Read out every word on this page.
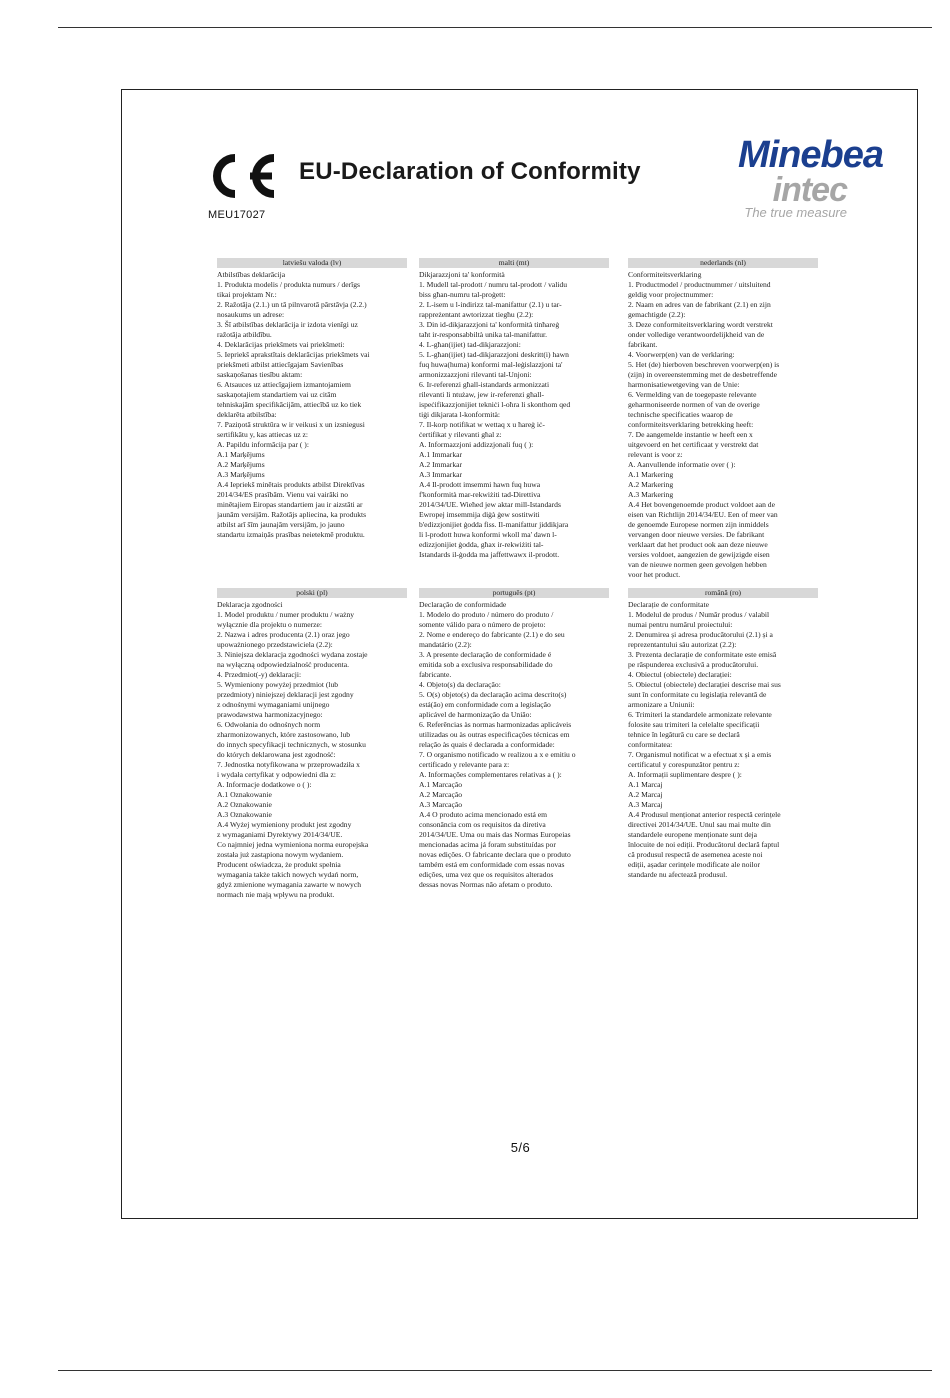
MEU17027
EU-Declaration of Conformity	Minebea
intec
The true measure
latviešu valoda (lv)
Atbilstības deklarācija
1. Produkta modelis / produkta numurs / derīgs
tikai projektam Nr.:
2. Ražotāja (2.1.) un tā pilnvarotā pārstāvja (2.2.)
nosaukums un adrese:
3. Šī atbilstības deklarācija ir izdota vienīgi uz
ražotāja atbildību.
4. Deklarācijas priekšmets vai priekšmeti:
5. Iepriekš aprakstītais deklarācijas priekšmets vai
priekšmeti atbilst attiecīgajam Savienības
saskaņošanas tiesību aktam:
6. Atsauces uz attiecīgajiem izmantojamiem
saskaņotajiem standartiem vai uz citām
tehniskajām specifikācijām, attiecībā uz ko tiek
deklarēta atbilstība:
7. Paziņotā struktūra w ir veikusi x un izsniegusi
sertifikātu y, kas attiecas uz z:
A. Papildu informācija par ( ):
A.1 Marķējums
A.2 Marķējums
A.3 Marķējums
A.4 Iepriekš minētais produkts atbilst Direktīvas
2014/34/ES prasībām. Vienu vai vairāki no
minētajiem Eiropas standartiem jau ir aizstāti ar
jaunām versijām. Ražotājs apliecina, ka produkts
atbilst arī šīm jaunajām versijām, jo jauno
standartu izmaiņās prasības neietekmē produktu.
malti (mt)
Dikjarazzjoni ta' konformità
1. Mudell tal-prodott / numru tal-prodott / validu
biss għan-numru tal-proġett:
2. L-isem u l-indirizz tal-manifattur (2.1) u tar-
rappreżentant awtorizzat tiegħu (2.2):
3. Din id-dikjarazzjoni ta' konformità tinħareġ
taħt ir-responsabbiltà unika tal-manifattur.
4. L-għan(ijiet) tad-dikjarazzjoni:
5. L-għan(ijiet) tad-dikjarazzjoni deskritt(i) hawn
fuq huwa(huma) konformi mal-leġislazzjoni ta'
armonizzazzjoni rilevanti tal-Unjoni:
6. Ir-referenzi għall-istandards armonizzati
rilevanti li ntużaw, jew ir-referenzi għall-
ispeċifikazzjonijiet tekniċi l-oħra li skonthom qed
tiġi dikjarata l-konformità:
7. Il-korp notifikat w wettaq x u ħareġ iċ-
ċertifikat y rilevanti għal z:
A. Informazzjoni addizzjonali fuq ( ):
A.1 Immarkar
A.2 Immarkar
A.3 Immarkar
A.4 Il-prodott imsemmi hawn fuq huwa
f'konformità mar-rekwiżiti tad-Direttiva
2014/34/UE. Wieħed jew aktar mill-Istandards
Ewropej imsemmija diġà ġew sostitwiti
b'edizzjonijiet ġodda fiss. Il-manifattur jiddikjara
li l-prodott huwa konformi wkoll ma' dawn l-
edizzjonijiet ġodda, għax ir-rekwiżiti tal-
Istandards il-ġodda ma jaffettwawx il-prodott.
nederlands (nl)
Conformiteitsverklaring
1. Productmodel / productnummer / uitsluitend
geldig voor projectnummer:
2. Naam en adres van de fabrikant (2.1) en zijn
gemachtigde (2.2):
3. Deze conformiteitsverklaring wordt verstrekt
onder volledige verantwoordelijkheid van de
fabrikant.
4. Voorwerp(en) van de verklaring:
5. Het (de) hierboven beschreven voorwerp(en) is
(zijn) in overeenstemming met de desbetreffende
harmonisatiewetgeving van de Unie:
6. Vermelding van de toegepaste relevante
geharmoniseerde normen of van de overige
technische specificaties waarop de
conformiteitsverklaring betrekking heeft:
7. De aangemelde instantie w heeft een x
uitgevoerd en het certificaat y verstrekt dat
relevant is voor z:
A. Aanvullende informatie over ( ):
A.1 Markering
A.2 Markering
A.3 Markering
A.4 Het bovengenoemde product voldoet aan de
eisen van Richtlijn 2014/34/EU. Een of meer van
de genoemde Europese normen zijn inmiddels
vervangen door nieuwe versies. De fabrikant
verklaart dat het product ook aan deze nieuwe
versies voldoet, aangezien de gewijzigde eisen
van de nieuwe normen geen gevolgen hebben
voor het product.
polski (pl)
Deklaracja zgodności
1. Model produktu / numer produktu / ważny
wyłącznie dla projektu o numerze:
2. Nazwa i adres producenta (2.1) oraz jego
upoważnionego przedstawiciela (2.2):
3. Niniejsza deklaracja zgodności wydana zostaje
na wyłączną odpowiedzialność producenta.
4. Przedmiot(-y) deklaracji:
5. Wymieniony powyżej przedmiot (lub
przedmioty) niniejszej deklaracji jest zgodny
z odnośnymi wymaganiami unijnego
prawodawstwa harmonizacyjnego:
6. Odwołania do odnośnych norm
zharmonizowanych, które zastosowano, lub
do innych specyfikacji technicznych, w stosunku
do których deklarowana jest zgodność:
7. Jednostka notyfikowana w przeprowadziła x
i wydała certyfikat y odpowiedni dla z:
A. Informacje dodatkowe o ( ):
A.1 Oznakowanie
A.2 Oznakowanie
A.3 Oznakowanie
A.4 Wyżej wymieniony produkt jest zgodny
z wymaganiami Dyrektywy 2014/34/UE.
Co najmniej jedna wymieniona norma europejska
została już zastąpiona nowym wydaniem.
Producent oświadcza, że produkt spełnia
wymagania także takich nowych wydań norm,
gdyż zmienione wymagania zawarte w nowych
normach nie mają wpływu na produkt.
português (pt)
Declaração de conformidade
1. Modelo do produto / número do produto /
somente válido para o número de projeto:
2. Nome e endereço do fabricante (2.1) e do seu
mandatário (2.2):
3. A presente declaração de conformidade é
emitida sob a exclusiva responsabilidade do
fabricante.
4. Objeto(s) da declaração:
5. O(s) objeto(s) da declaração acima descrito(s)
está(ão) em conformidade com a legislação
aplicável de harmonização da União:
6. Referências às normas harmonizadas aplicáveis
utilizadas ou às outras especificações técnicas em
relação às quais é declarada a conformidade:
7. O organismo notificado w realizou a x e emitiu o
certificado y relevante para z:
A. Informações complementares relativas a ( ):
A.1 Marcação
A.2 Marcação
A.3 Marcação
A.4 O produto acima mencionado está em
consonância com os requisitos da diretiva
2014/34/UE. Uma ou mais das Normas Europeias
mencionadas acima já foram substituídas por
novas edições. O fabricante declara que o produto
também está em conformidade com essas novas
edições, uma vez que os requisitos alterados
dessas novas Normas não afetam o produto.
română (ro)
Declarație de conformitate
1. Modelul de produs / Număr produs / valabil
numai pentru numărul proiectului:
2. Denumirea și adresa producătorului (2.1) și a
reprezentantului său autorizat (2.2):
3. Prezenta declarație de conformitate este emisă
pe răspunderea exclusivă a producătorului.
4. Obiectul (obiectele) declarației:
5. Obiectul (obiectele) declarației descrise mai sus
sunt în conformitate cu legislația relevantă de
armonizare a Uniunii:
6. Trimiteri la standardele armonizate relevante
folosite sau trimiteri la celelalte specificații
tehnice în legătură cu care se declară
conformitatea:
7. Organismul notificat w a efectuat x și a emis
certificatul y corespunzător pentru z:
A. Informații suplimentare despre ( ):
A.1 Marcaj
A.2 Marcaj
A.3 Marcaj
A.4 Produsul menționat anterior respectă cerințele
directivei 2014/34/UE. Unul sau mai multe din
standardele europene menționate sunt deja
înlocuite de noi ediții. Producătorul declară faptul
că produsul respectă de asemenea aceste noi
ediții, așadar cerințele modificate ale noilor
standarde nu afectează produsul.
5/6
